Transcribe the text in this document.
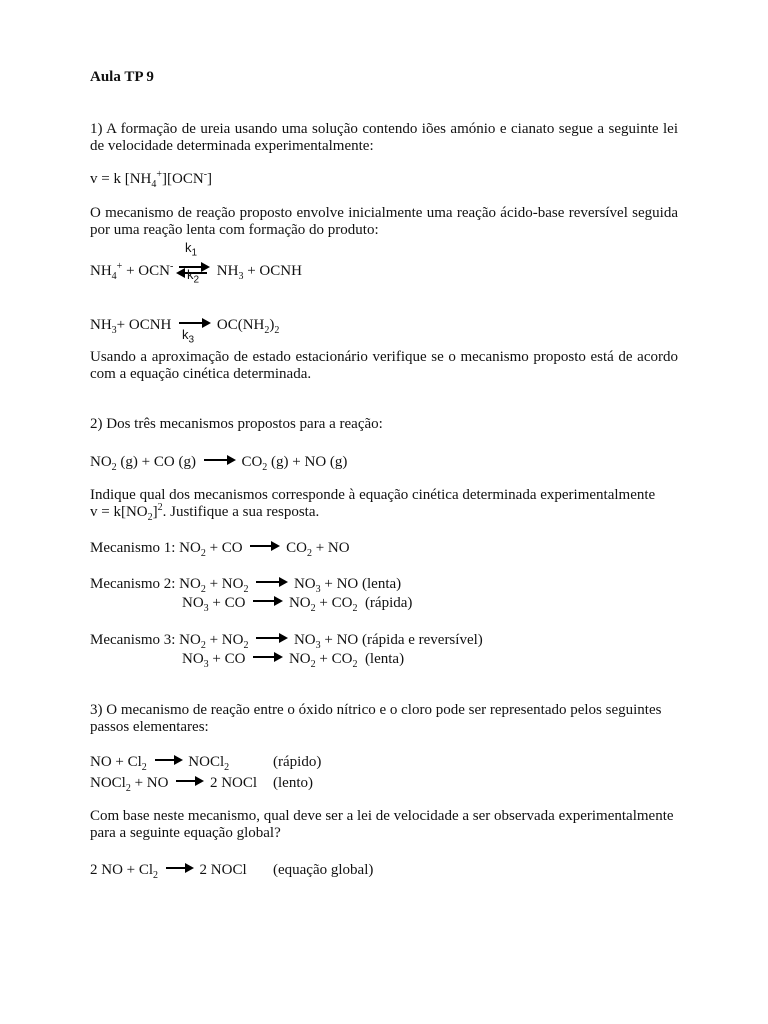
Aula TP 9
1) A formação de ureia usando uma solução contendo iões amónio e cianato segue a seguinte lei de velocidade determinada experimentalmente:
v = k $[NH_4^+][OCN^-]$
O mecanismo de reação proposto envolve inicialmente uma reação ácido-base reversível seguida por uma reação lenta com formação do produto:
$NH_4^+ + OCN^-$ ⇌ $NH_3$ + OCNH
$k_1$
$k_2$
$NH_3+$ OCNH → $OC(NH_2)_2$
$k_3$
Usando a aproximação de estado estacionário verifique se o mecanismo proposto está de acordo com a equação cinética determinada.
2) Dos três mecanismos propostos para a reação:
$NO_2$ (g) + CO $(g) \to CO_2$ (g) + NO (g)
Indique qual dos mecanismos corresponde à equação cinética determinada experimentalmente
$v = k[NO_2]^2$. Justifique a sua resposta.
Mecanismo 1: $NO_2$ + CO → $CO_2$ + NO
Mecanismo 2: $NO_2 + NO_2 \to NO_3$ + NO (lenta)
$NO_3$ + CO → $NO_2 + CO_2$  (rápida)
Mecanismo 3: $NO_2 + NO_2 \to NO_3$ + NO (rápida e reversível)
$NO_3$ + CO → $NO_2 + CO_2$  (lenta)
3) O mecanismo de reação entre o óxido nítrico e o cloro pode ser representado pelos seguintes passos elementares:
NO + $Cl_2$ → NOCl$_2$	(rápido)
NOCl$_2$ + NO → 2 NOCl (lento)
Com base neste mecanismo, qual deve ser a lei de velocidade a ser observada experimentalmente para a seguinte equação global?
2 NO + $Cl_2 \to 2$ NOCl (equação global)
